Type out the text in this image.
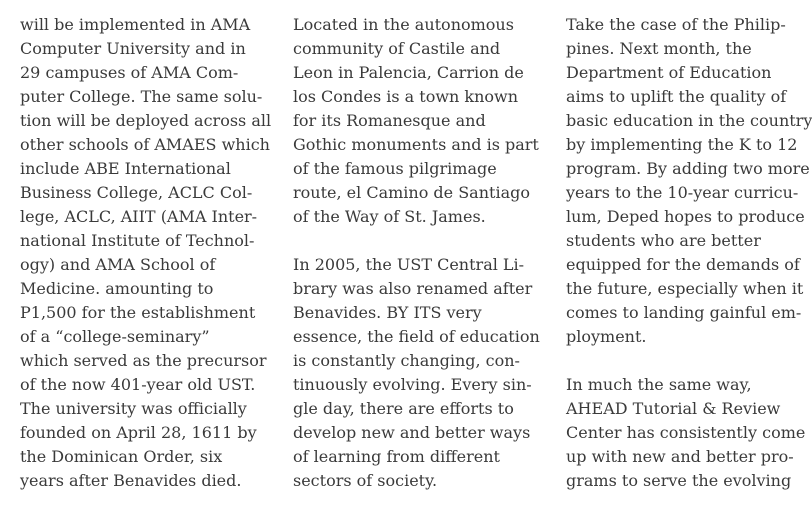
will be implemented in AMA
Computer University and in
29 campuses of AMA Com-
puter College. The same solu-
tion will be deployed across all
other schools of AMAES which
include ABE International
Business College, ACLC Col-
lege, ACLC, AIIT (AMA Inter-
national Institute of Technol-
ogy) and AMA School of
Medicine. amounting to
P1,500 for the establishment
of a “college-seminary”
which served as the precursor
of the now 401-year old UST.
The university was officially
founded on April 28, 1611 by
the Dominican Order, six
years after Benavides died.
Located in the autonomous
community of Castile and
Leon in Palencia, Carrion de
los Condes is a town known
for its Romanesque and
Gothic monuments and is part
of the famous pilgrimage
route, el Camino de Santiago
of the Way of St. James.
In 2005, the UST Central Li-
brary was also renamed after
Benavides. BY ITS very
essence, the field of education
is constantly changing, con-
tinuously evolving. Every sin-
gle day, there are efforts to
develop new and better ways
of learning from different
sectors of society.
Take the case of the Philip-
pines. Next month, the
Department of Education
aims to uplift the quality of
basic education in the country
by implementing the K to 12
program. By adding two more
years to the 10-year curricu-
lum, Deped hopes to produce
students who are better
equipped for the demands of
the future, especially when it
comes to landing gainful em-
ployment.
In much the same way,
AHEAD Tutorial & Review
Center has consistently come
up with new and better pro-
grams to serve the evolving
